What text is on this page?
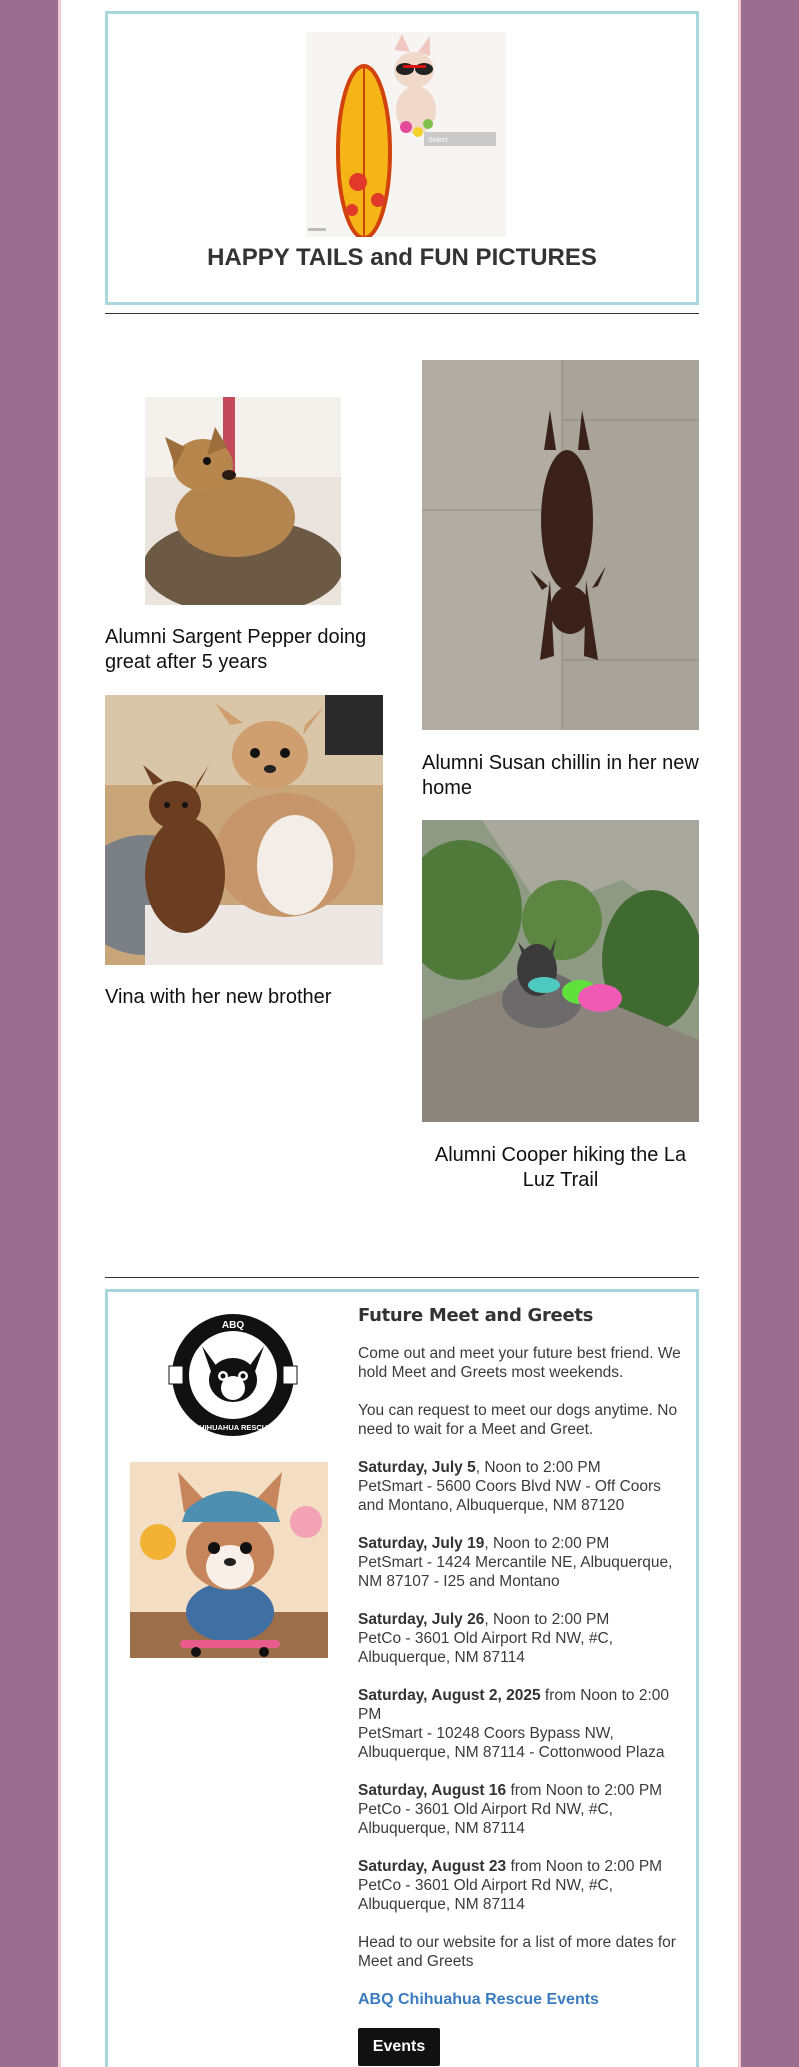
Select
HAPPY TAILS and FUN PICTURES
Alumni Sargent Pepper doing great after 5 years
Alumni Susan chillin in her new home
Vina with her new brother
Alumni Cooper hiking the La Luz Trail
ABQ
CHIHUAHUA RESCUE
Future Meet and Greets
Come out and meet your future best friend. We hold Meet and Greets most weekends.
You can request to meet our dogs anytime. No need to wait for a Meet and Greet.
Saturday, July 5, Noon to 2:00 PM
PetSmart - 5600 Coors Blvd NW - Off Coors and Montano, Albuquerque, NM 87120
Saturday, July 19, Noon to 2:00 PM
PetSmart - 1424 Mercantile NE, Albuquerque, NM 87107 - I25 and Montano
Saturday, July 26, Noon to 2:00 PM
PetCo - 3601 Old Airport Rd NW, #C, Albuquerque, NM 87114
Saturday, August 2, 2025 from Noon to 2:00 PM
PetSmart - 10248 Coors Bypass NW, Albuquerque, NM 87114 - Cottonwood Plaza
Saturday, August 16 from Noon to 2:00 PM
PetCo - 3601 Old Airport Rd NW, #C, Albuquerque, NM 87114
Saturday, August 23 from Noon to 2:00 PM
PetCo - 3601 Old Airport Rd NW, #C, Albuquerque, NM 87114
Head to our website for a list of more dates for Meet and Greets
ABQ Chihuahua Rescue Events
Events
